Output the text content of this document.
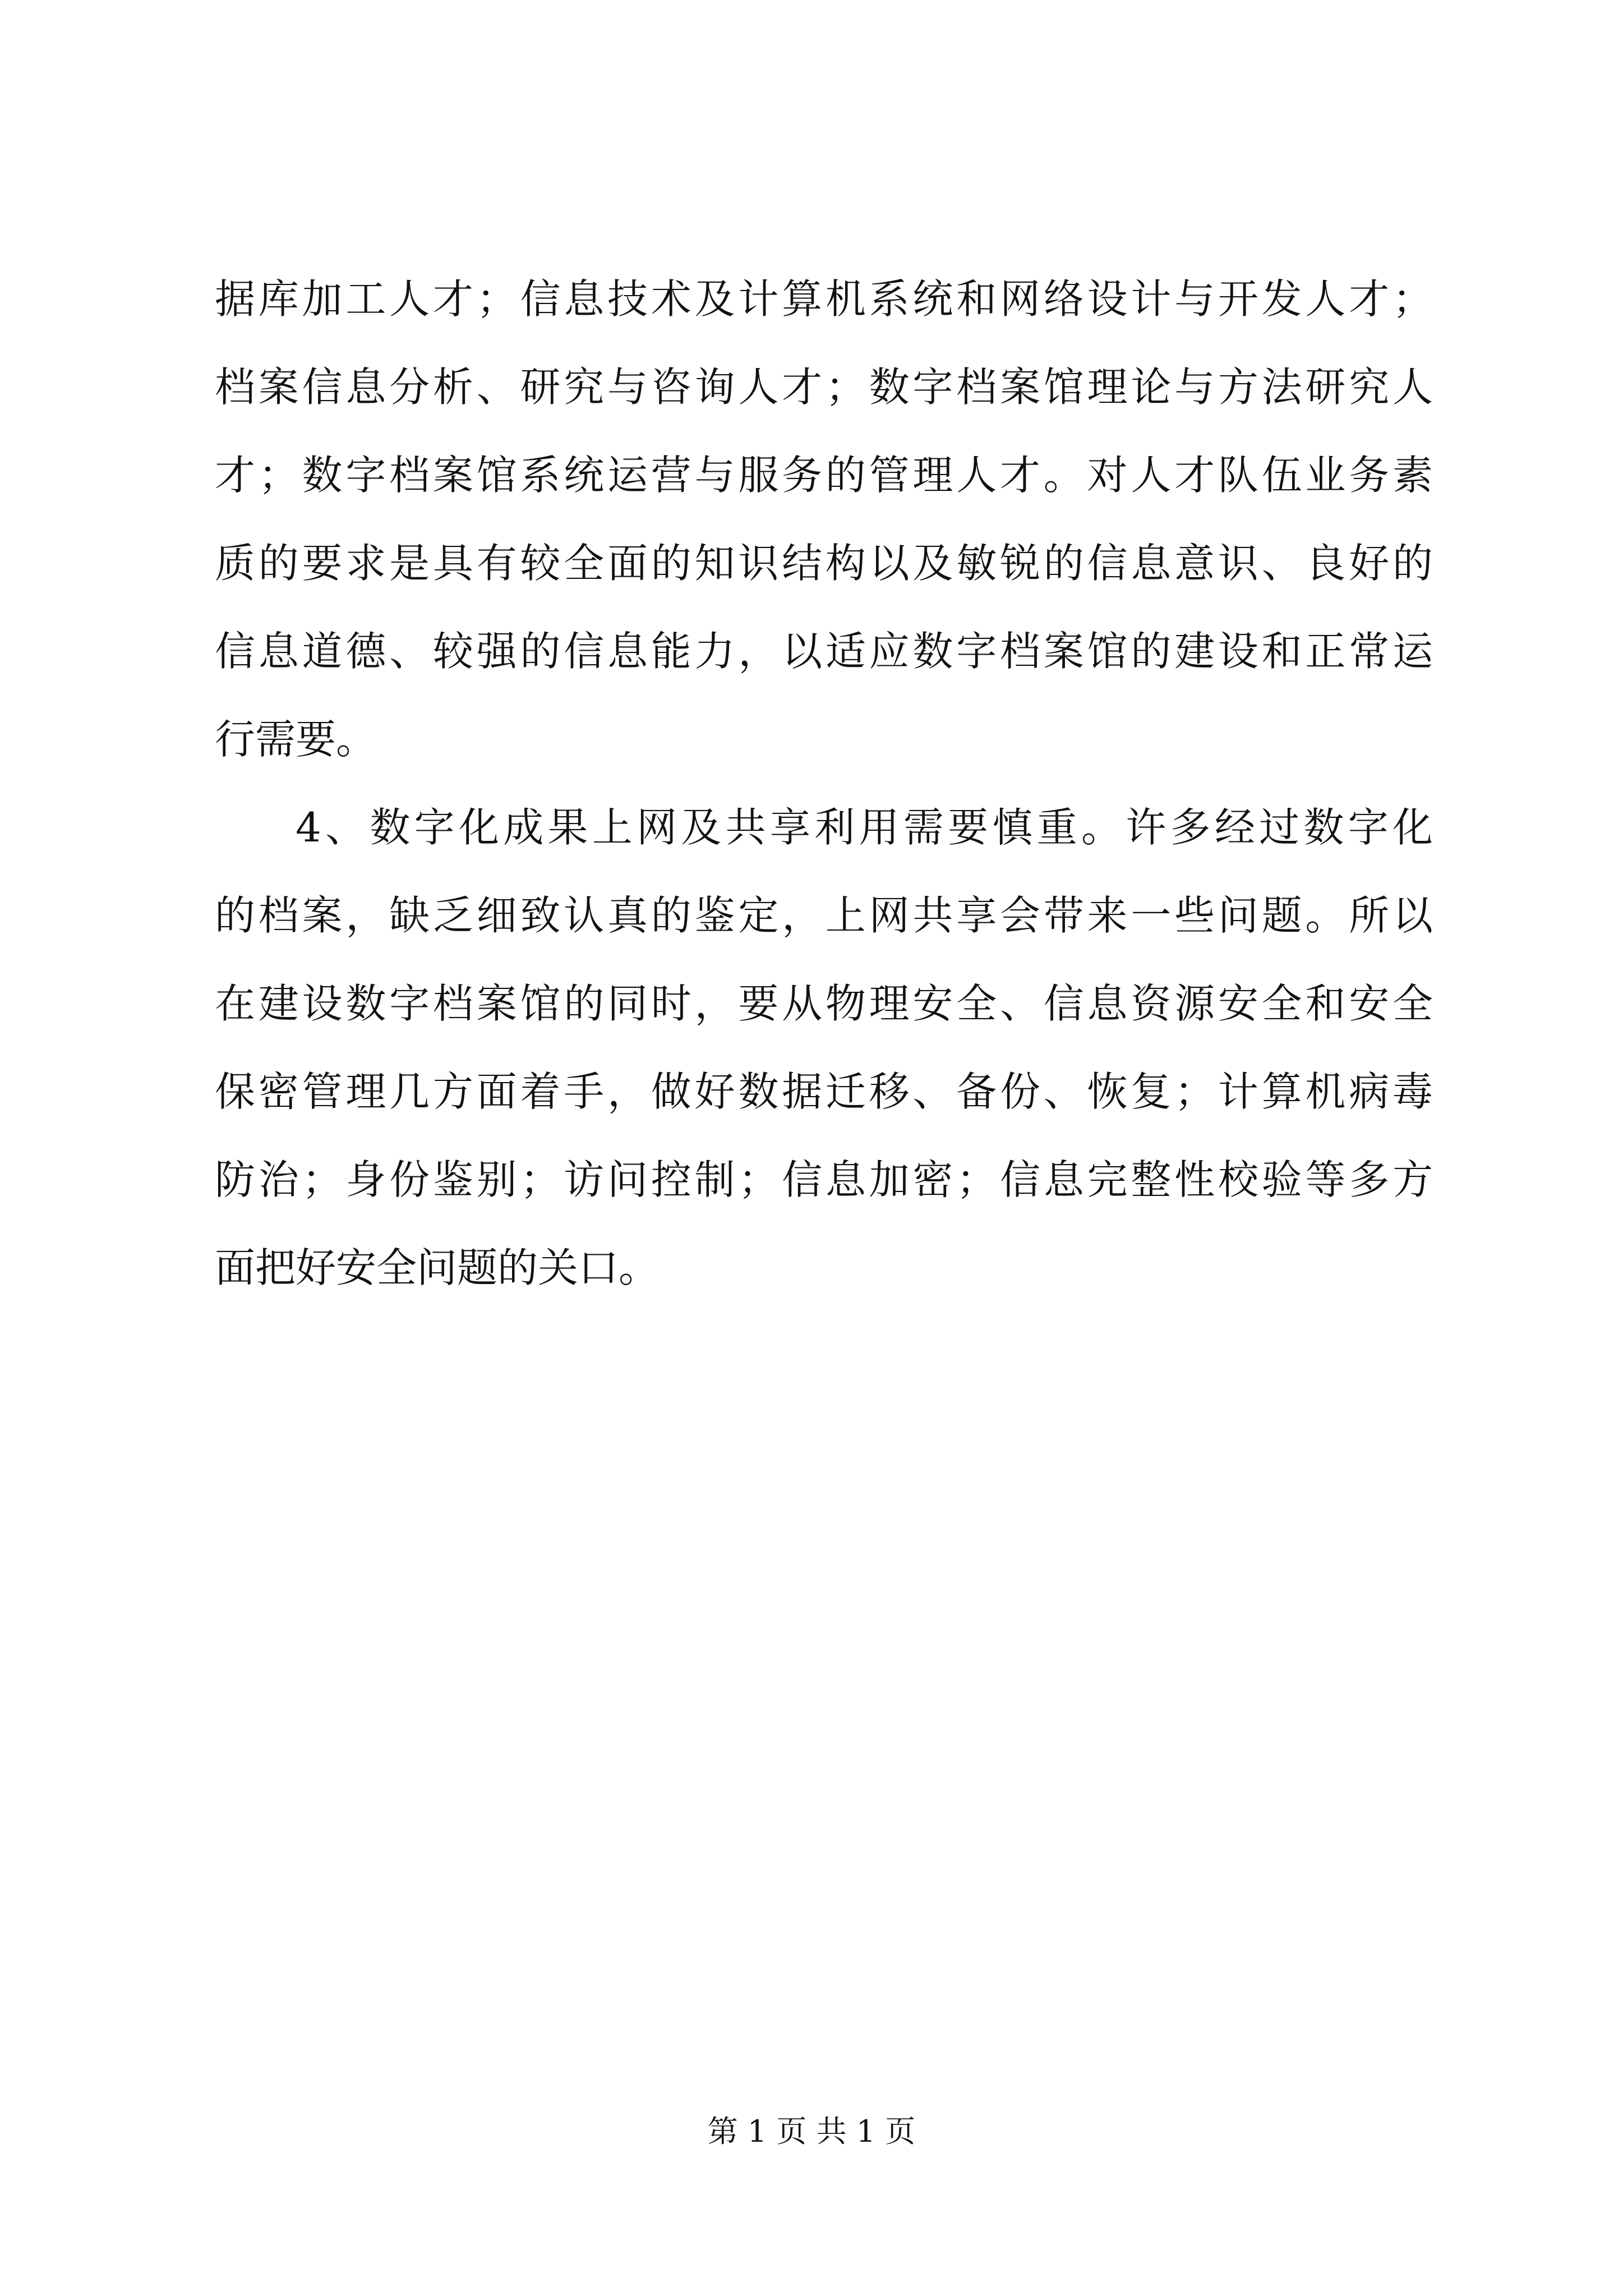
据库加工人才；信息技术及计算机系统和网络设计与开发人才；
档案信息分析、研究与咨询人才；数字档案馆理论与方法研究人
才；数字档案馆系统运营与服务的管理人才。对人才队伍业务素
质的要求是具有较全面的知识结构以及敏锐的信息意识、良好的
信息道德、较强的信息能力，以适应数字档案馆的建设和正常运
行需要。
4、数字化成果上网及共享利用需要慎重。许多经过数字化
的档案，缺乏细致认真的鉴定，上网共享会带来一些问题。所以
在建设数字档案馆的同时，要从物理安全、信息资源安全和安全
保密管理几方面着手，做好数据迁移、备份、恢复；计算机病毒
防治；身份鉴别；访问控制；信息加密；信息完整性校验等多方
面把好安全问题的关口。
第 1 页 共 1 页
